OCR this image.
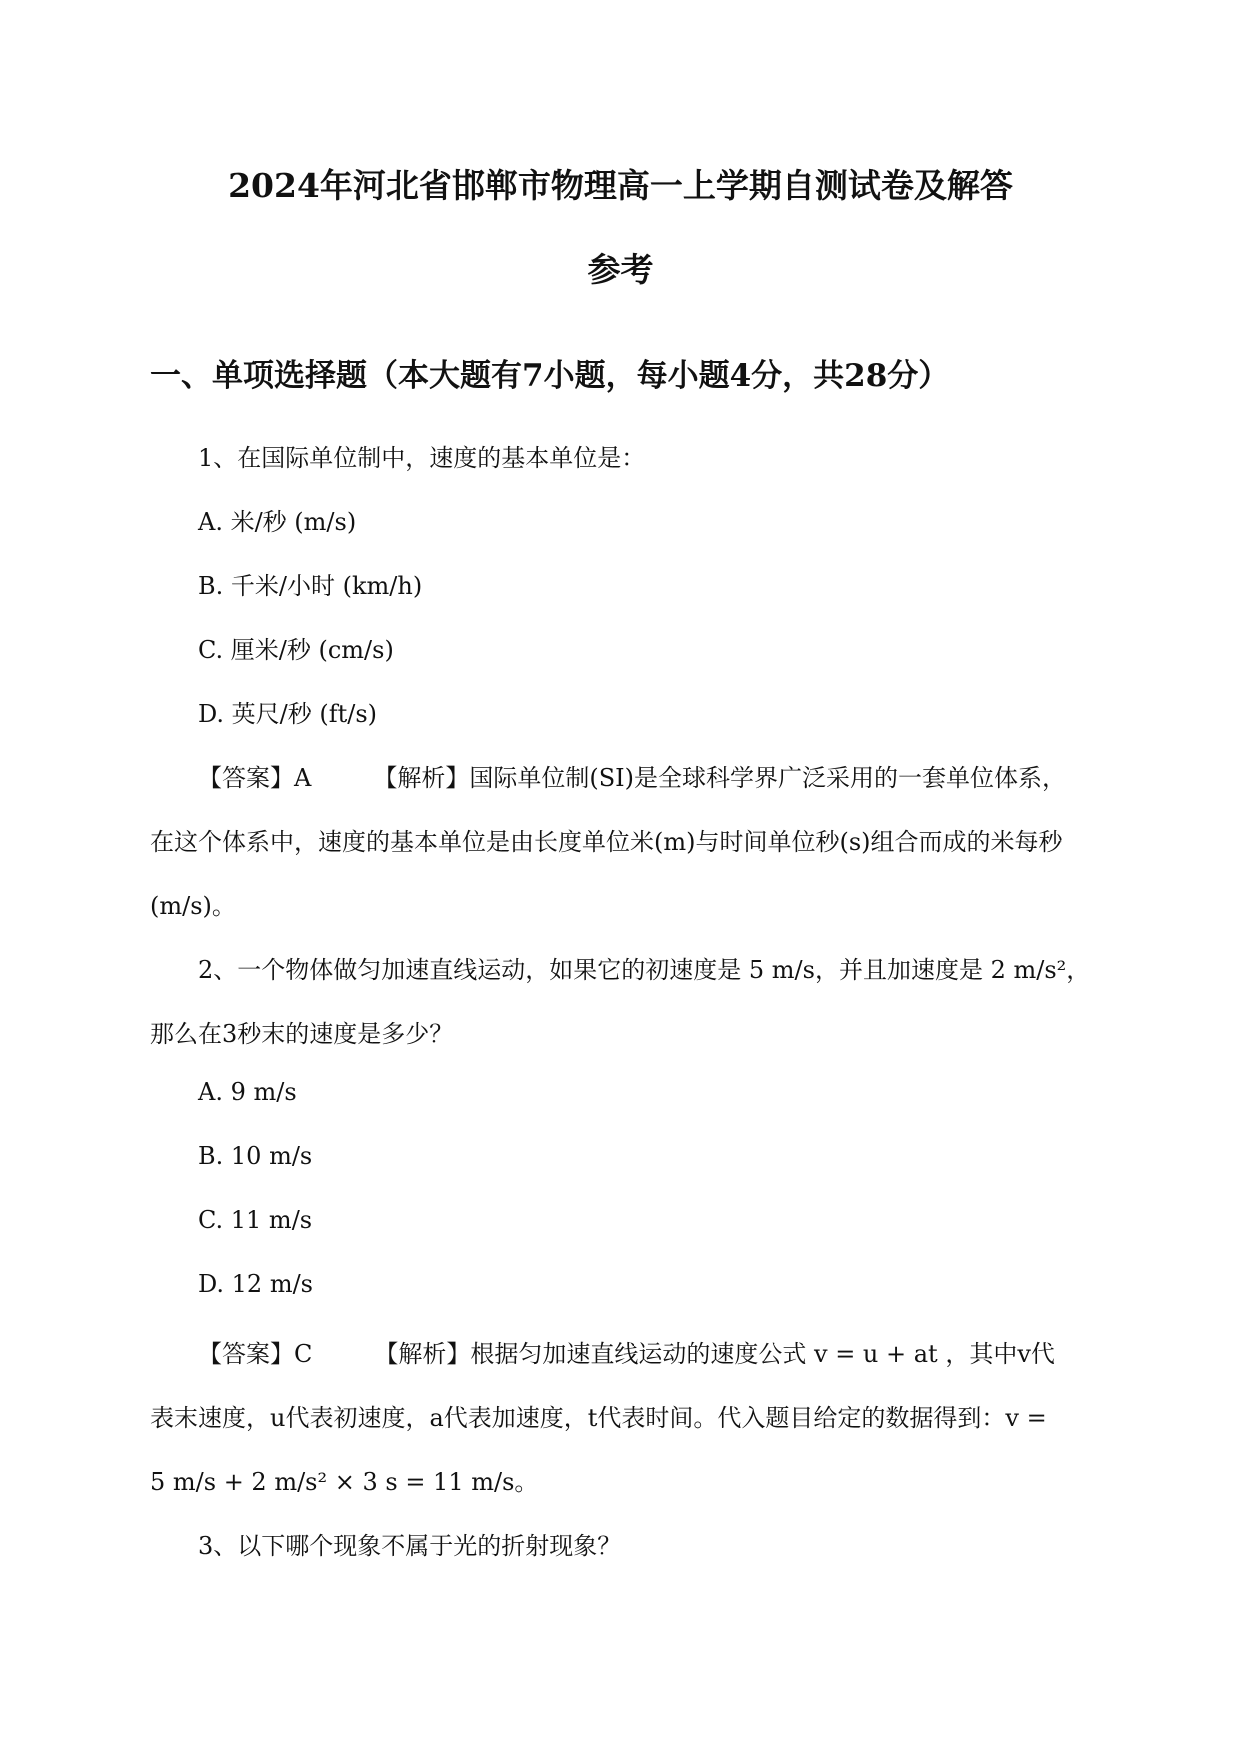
2024年河北省邯郸市物理高一上学期自测试卷及解答
参考
一、单项选择题（本大题有7小题，每小题4分，共28分）
1、在国际单位制中，速度的基本单位是：
A. 米/秒 (m/s)
B. 千米/小时 (km/h)
C. 厘米/秒 (cm/s)
D. 英尺/秒 (ft/s)
【答案】A	【解析】国际单位制(SI)是全球科学界广泛采用的一套单位体系，
在这个体系中，速度的基本单位是由长度单位米(m)与时间单位秒(s)组合而成的米每秒
(m/s)。
2、一个物体做匀加速直线运动，如果它的初速度是 5 m/s，并且加速度是 2 m/s²，
那么在3秒末的速度是多少？
A. 9 m/s
B. 10 m/s
C. 11 m/s
D. 12 m/s
【答案】C	【解析】根据匀加速直线运动的速度公式 v = u + at ，其中v代
表末速度，u代表初速度，a代表加速度，t代表时间。代入题目给定的数据得到：v =
5 m/s + 2 m/s² × 3 s = 11 m/s。
3、以下哪个现象不属于光的折射现象？
